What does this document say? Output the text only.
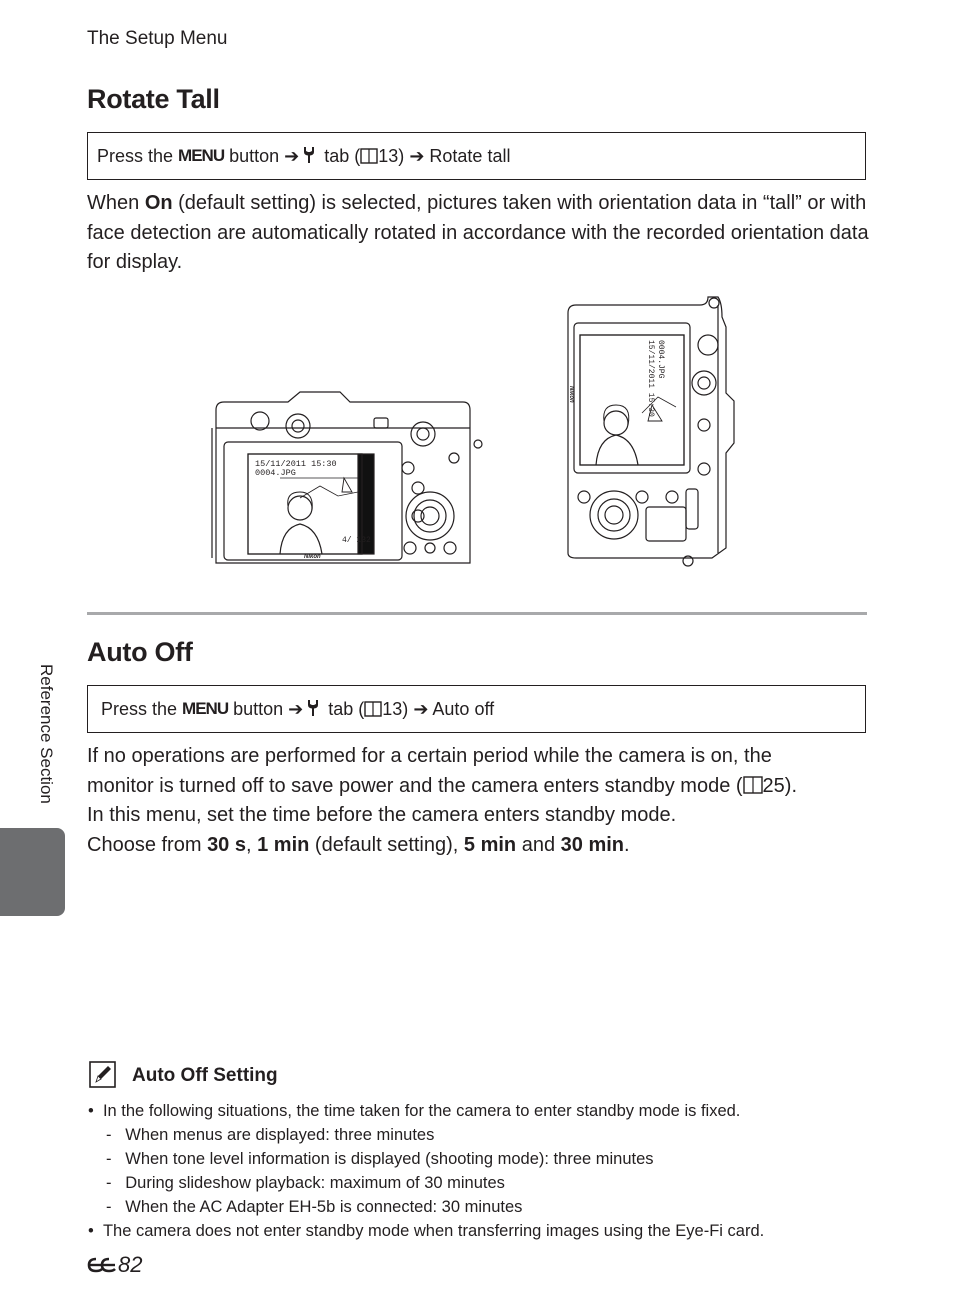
The Setup Menu
Rotate Tall
Press the MENU button ➔ tab ( 13) ➔ Rotate tall
When On (default setting) is selected, pictures taken with orientation data in “tall” or with face detection are automatically rotated in accordance with the recorded orientation data for display.
15/11/2011 15:30
0004.JPG
4/ 132
Nikon
15/11/2011 15:30 0004.JPG
Nikon
Auto Off
Press the MENU button ➔ tab ( 13) ➔ Auto off
If no operations are performed for a certain period while the camera is on, the
monitor is turned off to save power and the camera enters standby mode ( 25).
In this menu, set the time before the camera enters standby mode.
Choose from 30 s, 1 min (default setting), 5 min and 30 min.
Auto Off Setting
•  In the following situations, the time taken for the camera to enter standby mode is fixed.
-   When menus are displayed: three minutes
-   When tone level information is displayed (shooting mode): three minutes
-   During slideshow playback: maximum of 30 minutes
-   When the AC Adapter EH-5b is connected: 30 minutes
•  The camera does not enter standby mode when transferring images using the Eye-Fi card.
Reference Section
82
